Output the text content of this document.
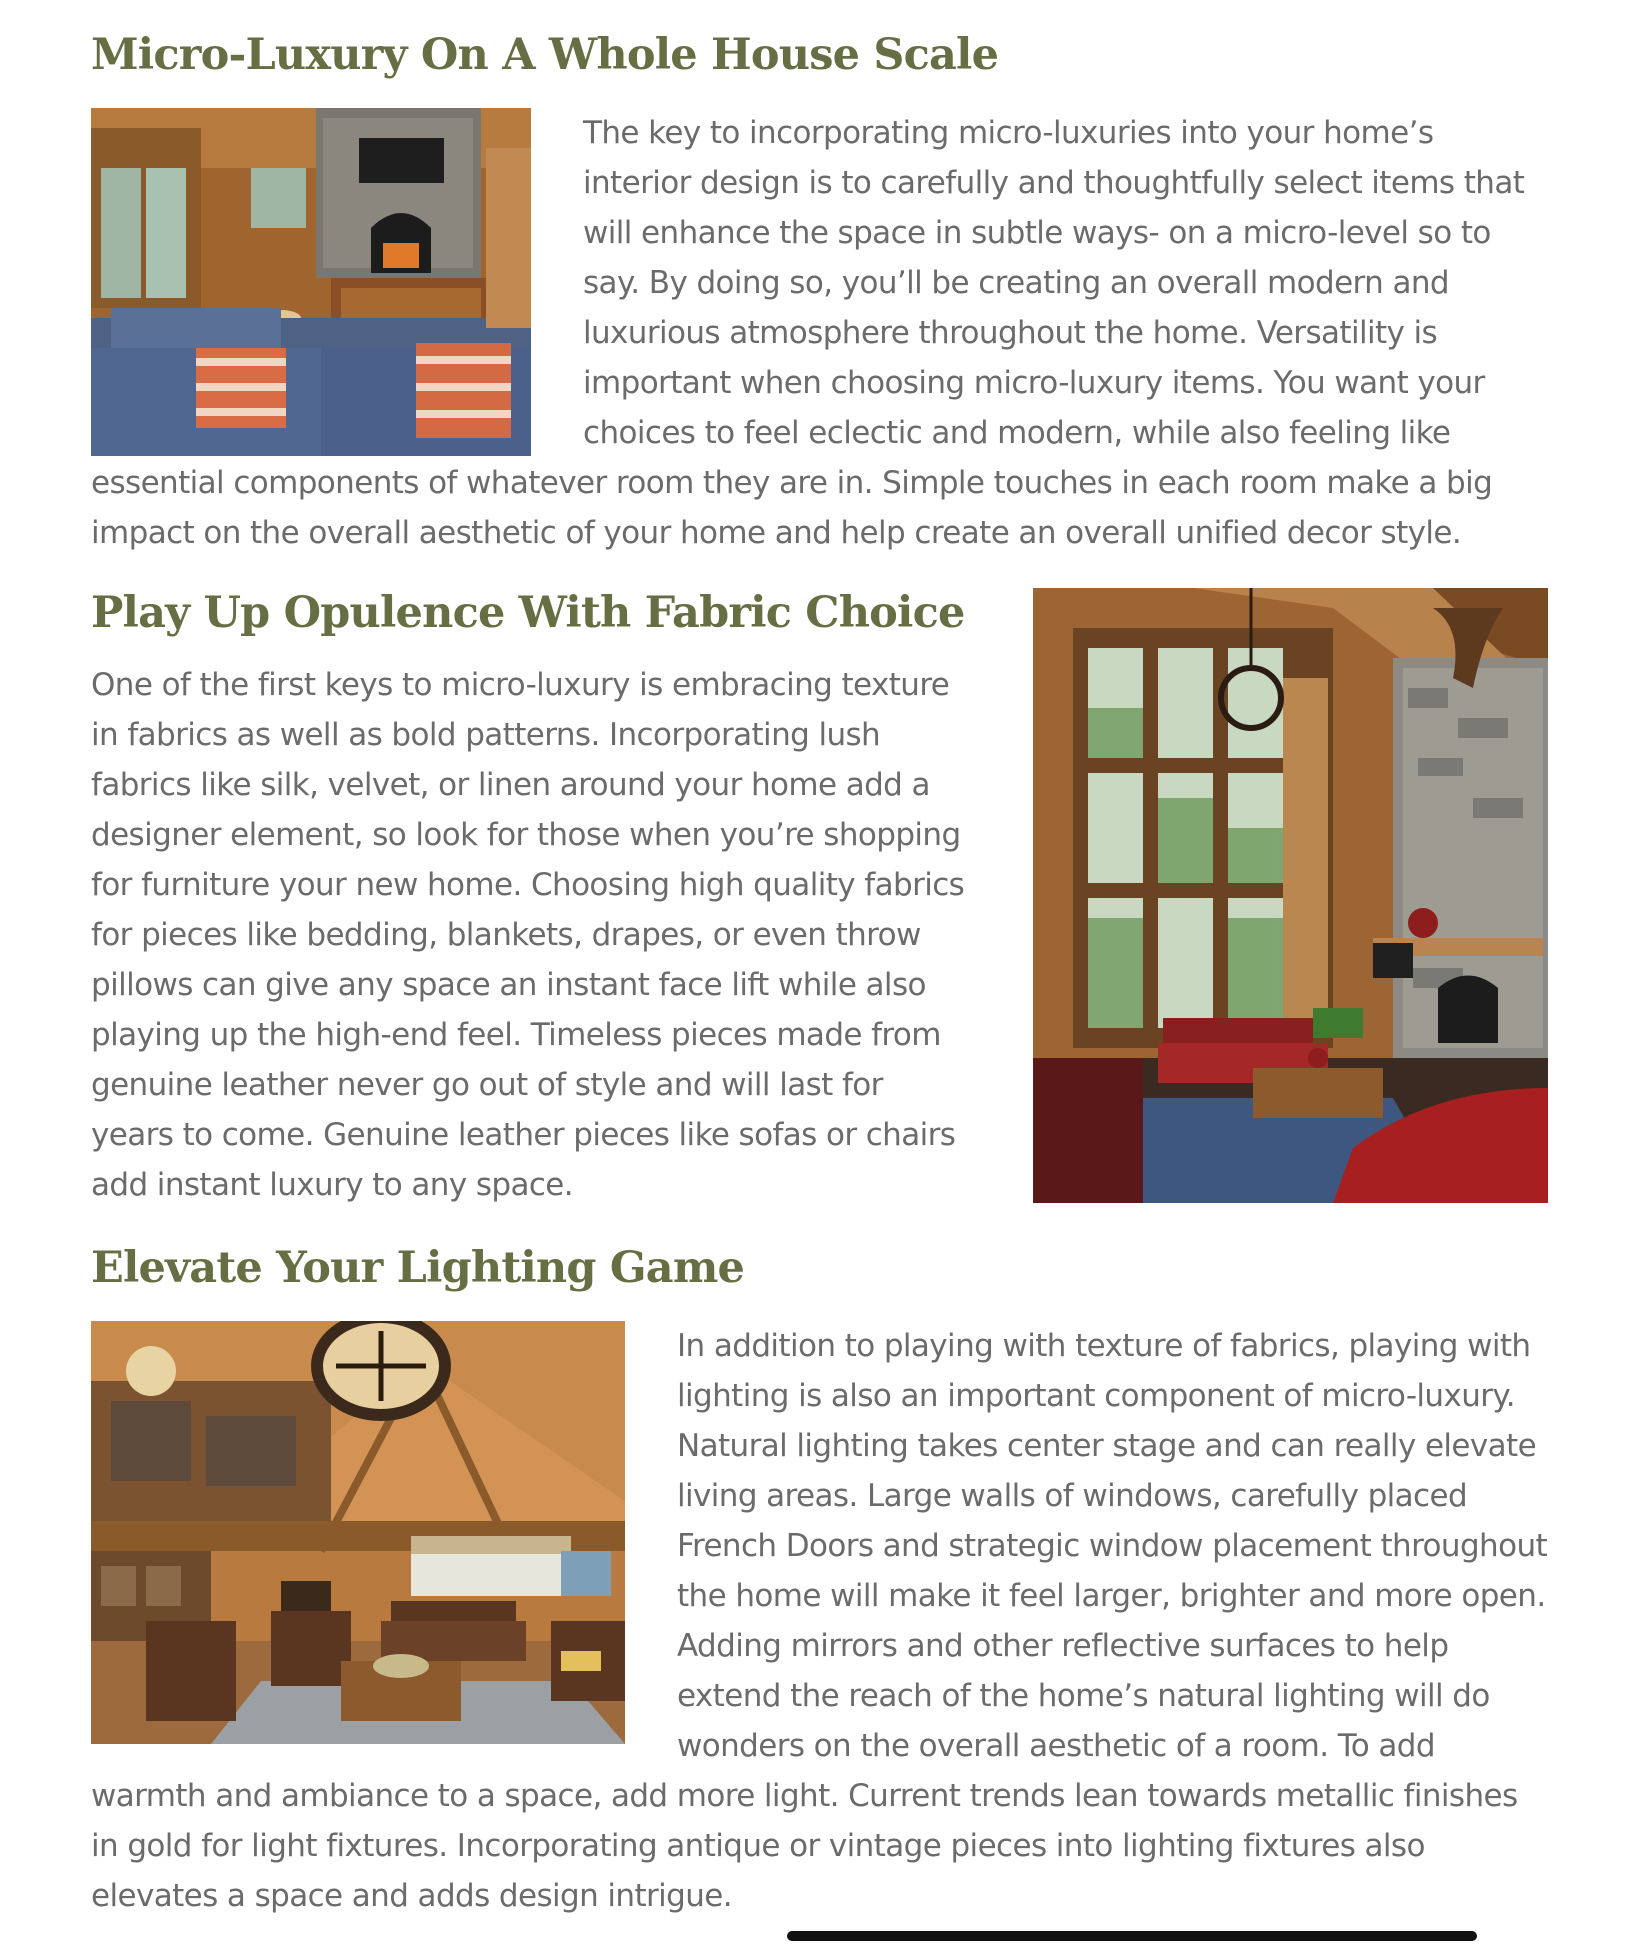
Micro-Luxury On A Whole House Scale

The key to incorporating micro-luxuries into your home’s interior design is to carefully and thoughtfully select items that will enhance the space in subtle ways- on a micro-level so to say. By doing so, you’ll be creating an overall modern and luxurious atmosphere throughout the home. Versatility is important when choosing micro-luxury items. You want your choices to feel eclectic and modern, while also feeling like essential components of whatever room they are in. Simple touches in each room make a big impact on the overall aesthetic of your home and help create an overall unified decor style.

Play Up Opulence With Fabric Choice

One of the first keys to micro-luxury is embracing texture in fabrics as well as bold patterns. Incorporating lush fabrics like silk, velvet, or linen around your home add a designer element, so look for those when you’re shopping for furniture your new home. Choosing high quality fabrics for pieces like bedding, blankets, drapes, or even throw pillows can give any space an instant face lift while also playing up the high-end feel. Timeless pieces made from genuine leather never go out of style and will last for years to come. Genuine leather pieces like sofas or chairs add instant luxury to any space.

Elevate Your Lighting Game

In addition to playing with texture of fabrics, playing with lighting is also an important component of micro-luxury. Natural lighting takes center stage and can really elevate living areas. Large walls of windows, carefully placed French Doors and strategic window placement throughout the home will make it feel larger, brighter and more open. Adding mirrors and other reflective surfaces to help extend the reach of the home’s natural lighting will do wonders on the overall aesthetic of a room. To add warmth and ambiance to a space, add more light. Current trends lean towards metallic finishes in gold for light fixtures. Incorporating antique or vintage pieces into lighting fixtures also elevates a space and adds design intrigue.
